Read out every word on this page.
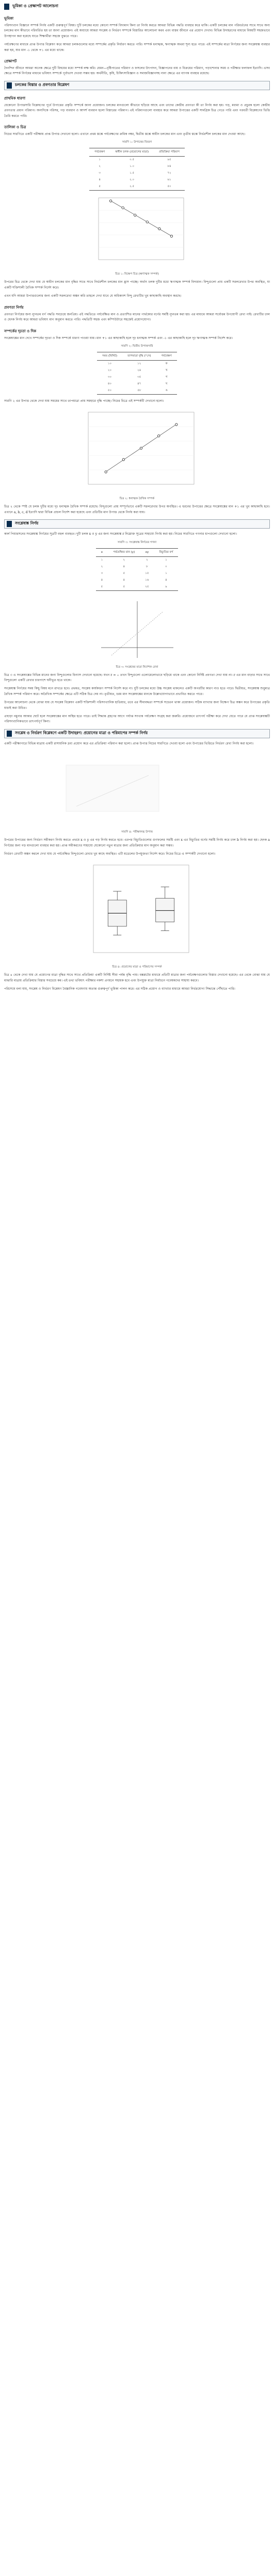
ভূমিকা ও প্রেক্ষাপট আলোচনা
ভূমিকা

পরিসংখ্যান বিজ্ঞানে সম্পর্ক নির্ণয় একটি গুরুত্বপূর্ণ বিষয়। দুটি চলকের মধ্যে কোনো সম্পর্ক বিদ্যমান কিনা তা নির্ণয় করতে আমরা বিভিন্ন পদ্ধতি ব্যবহার করে থাকি। একটি চলকের মান পরিবর্তনের সাথে সাথে অন্য চলকের মান কীভাবে পরিবর্তিত হয় তা জানা প্রয়োজন। এই অধ্যায়ে আমরা সংশ্লেষ ও নির্ভরণ সম্পর্কে বিস্তারিত আলোচনা করব এবং বাস্তব জীবনে এর প্রয়োগ দেখাব। বিভিন্ন উদাহরণের মাধ্যমে বিষয়টি সহজভাবে উপস্থাপন করা হয়েছে যাতে শিক্ষার্থীরা সহজে বুঝতে পারে।

পর্যবেক্ষণের মাধ্যমে প্রাপ্ত উপাত্ত বিশ্লেষণ করে আমরা চলকগুলোর মধ্যে সম্পর্কের প্রকৃতি নির্ধারণ করতে পারি। সম্পর্ক ধনাত্মক, ঋণাত্মক অথবা শূন্য হতে পারে। এই সম্পর্কের মাত্রা নির্ণয়ের জন্য সংশ্লেষাঙ্ক ব্যবহার করা হয়, যার মান -১ থেকে +১ এর মধ্যে থাকে।

প্রেক্ষাপট

দৈনন্দিন জীবনে আমরা অনেক ক্ষেত্রে দুটি বিষয়ের মধ্যে সম্পর্ক লক্ষ করি। যেমন—বৃষ্টিপাতের পরিমাণ ও ফসলের উৎপাদন, বিজ্ঞাপনের ব্যয় ও বিক্রয়ের পরিমাণ, পড়াশোনার সময় ও পরীক্ষার ফলাফল ইত্যাদি। এসব ক্ষেত্রে সম্পর্ক নির্ণয়ের মাধ্যমে ভবিষ্যৎ সম্পর্কে পূর্বাভাস দেওয়া সম্ভব হয়। অর্থনীতি, কৃষি, চিকিৎসাবিজ্ঞান ও সমাজবিজ্ঞানসহ নানা ক্ষেত্রে এর ব্যাপক ব্যবহার রয়েছে।

চলকের বিস্তার ও প্রবণতার বিশ্লেষণ
প্রাথমিক ধারণা

যেকোনো উপাত্তসারি বিশ্লেষণের পূর্বে উপাত্তের প্রকৃতি সম্পর্কে জানা প্রয়োজন। চলকের মানগুলো কীভাবে ছড়িয়ে আছে এবং তাদের কেন্দ্রীয় প্রবণতা কী তা নির্ণয় করা হয়। গড়, মধ্যমা ও প্রচুরক হলো কেন্দ্রীয় প্রবণতার প্রধান পরিমাপ। অন্যদিকে পরিসর, গড় ব্যবধান ও আদর্শ ব্যবধান হলো বিস্তারের পরিমাপ। এই পরিমাপগুলো ব্যবহার করে আমরা উপাত্তের একটি সামগ্রিক চিত্র পেতে পারি এবং পরবর্তী বিশ্লেষণের ভিত্তি তৈরি করতে পারি।

তালিকা ও চিত্র

নিচের সারণিতে একটি পরীক্ষায় প্রাপ্ত উপাত্ত দেখানো হলো। এখানে প্রথম স্তম্ভে পর্যবেক্ষণের ক্রমিক নম্বর, দ্বিতীয় স্তম্ভে স্বাধীন চলকের মান এবং তৃতীয় স্তম্ভে নির্ভরশীল চলকের মান দেওয়া আছে।

সারণি ১: উপাত্তের বিবরণ
পর্যবেক্ষণ	স্বাধীন চলক (প্রয়োগের মাত্রা)	প্রতিক্রিয়া পরিমাপ
১	০.৫	৯৫
২	১.০	৮৪
৩	১.৫	৭২
৪	২.০	৬১
৫	২.৫	৫০
চিত্র ১: বিক্ষেপ চিত্র (ঋণাত্মক সম্পর্ক)

উপরের চিত্র থেকে দেখা যায় যে স্বাধীন চলকের মান বৃদ্ধির সাথে সাথে নির্ভরশীল চলকের মান হ্রাস পাচ্ছে। অর্থাৎ চলক দুটির মধ্যে ঋণাত্মক সম্পর্ক বিদ্যমান। বিন্দুগুলো প্রায় একটি সরলরেখার উপর অবস্থিত, যা একটি শক্তিশালী রৈখিক সম্পর্ক নির্দেশ করে।

এখন যদি আমরা উপাত্তগুলোর জন্য একটি সরলরেখা অঙ্কন করি তাহলে দেখা যাবে যে অধিকাংশ বিন্দু রেখাটির খুব কাছাকাছি অবস্থান করছে।

প্রবণতা নির্ণয়

প্রবণতা নির্ণয়ের জন্য ন্যূনতম বর্গ পদ্ধতি সবচেয়ে জনপ্রিয়। এই পদ্ধতিতে পর্যবেক্ষিত মান ও প্রত্যাশিত মানের পার্থক্যের বর্গের সমষ্টি ন্যূনতম করা হয়। এর মাধ্যমে আমরা সর্বোত্তম উপযোগী রেখা পাই। রেখাটির ঢাল ও ছেদক নির্ণয় করে আমরা ভবিষ্যৎ মান অনুমান করতে পারি। পদ্ধতিটি সহজ এবং কম্পিউটারে সহজেই প্রয়োগযোগ্য।

সম্পর্কের দৃঢ়তা ও দিক

সংশ্লেষাঙ্কের মান দেখে সম্পর্কের দৃঢ়তা ও দিক সম্পর্কে ধারণা পাওয়া যায়। মান +১ এর কাছাকাছি হলে দৃঢ় ধনাত্মক সম্পর্ক এবং -১ এর কাছাকাছি হলে দৃঢ় ঋণাত্মক সম্পর্ক নির্দেশ করে।

সারণি ২: দ্বিতীয় উপাত্তসারি
সময় (মিনিট)	তাপমাত্রা বৃদ্ধি (°সে)	পর্যবেক্ষণ
১০	১২	ক
২০	২৪	খ
৩০	৩৫	গ
৪০	৪৭	ঘ
৫০	৫৮	ঙ

সারণি ২ এর উপাত্ত থেকে দেখা যায় সময়ের সাথে তাপমাত্রা প্রায় সমহারে বৃদ্ধি পাচ্ছে। নিচের চিত্রে এই সম্পর্কটি দেখানো হলো।

চিত্র ২: ধনাত্মক রৈখিক সম্পর্ক

চিত্র ২ থেকে স্পষ্ট যে চলক দুটির মধ্যে দৃঢ় ধনাত্মক রৈখিক সম্পর্ক রয়েছে। বিন্দুগুলো প্রায় সম্পূর্ণভাবে একটি সরলরেখার উপর অবস্থিত। এ ধরনের উপাত্তের ক্ষেত্রে সংশ্লেষাঙ্কের মান +১ এর খুব কাছাকাছি হবে। এখানে a, b, c, d ইত্যাদি দ্বারা বিভিন্ন প্রাচল নির্দেশ করা হয়েছে এবং প্রতিটির মান উপাত্ত থেকে নির্ণয় করা যায়।

সংশ্লেষাঙ্ক নির্ণয়

কার্ল পিয়ারসনের সংশ্লেষাঙ্ক নির্ণয়ের সূত্রটি বহুল ব্যবহৃত। দুটি চলক x ও y এর জন্য সংশ্লেষাঙ্ক r নিম্নোক্ত সূত্রের সাহায্যে নির্ণয় করা হয়। নিচের সারণিতে গণনার ধাপগুলো দেখানো হলো।

সারণি ৩: সংশ্লেষাঙ্ক নির্ণয়ের গণনা
x	পর্যবেক্ষিত মান (y)	xy	বিচ্যুতির বর্গ
১	২	২	১
২	৪	৮	০
৩	৫	১৫	১
৪	৪	১৬	৪
৫	৫	২৫	৯
চিত্র ৩: সংশ্লেষের মাত্রা নির্দেশক রেখা

চিত্র ৩ এ সংশ্লেষাঙ্কের বিভিন্ন মানের জন্য বিন্দুগুলোর বিন্যাস দেখানো হয়েছে। যখন r = ০ তখন বিন্দুগুলো এলোমেলোভাবে ছড়িয়ে থাকে এবং কোনো নির্দিষ্ট প্রবণতা দেখা যায় না। r এর মান বাড়ার সাথে সাথে বিন্দুগুলো একটি রেখার চারপাশে ঘনীভূত হতে থাকে।

সংশ্লেষাঙ্ক নির্ণয়ের সময় কিছু বিষয় মনে রাখতে হবে। প্রথমত, সংশ্লেষ কার্যকারণ সম্পর্ক নির্দেশ করে না। দুটি চলকের মধ্যে উচ্চ সংশ্লেষ থাকলেও একটি অপরটির কারণ নাও হতে পারে। দ্বিতীয়ত, সংশ্লেষাঙ্ক শুধুমাত্র রৈখিক সম্পর্ক পরিমাপ করে। অরৈখিক সম্পর্কের ক্ষেত্রে এটি সঠিক চিত্র দেয় না। তৃতীয়ত, চরম মান সংশ্লেষাঙ্কের মানকে উল্লেখযোগ্যভাবে প্রভাবিত করতে পারে।

উপরের আলোচনা থেকে বোঝা যায় যে সংশ্লেষ বিশ্লেষণ একটি শক্তিশালী পরিসংখ্যানিক হাতিয়ার, তবে এর সীমাবদ্ধতা সম্পর্কে সচেতন থাকা প্রয়োজন। সঠিক ব্যাখ্যার জন্য বিক্ষেপ চিত্র অঙ্কন করে উপাত্তের প্রকৃতি যাচাই করা উচিত।

এছাড়া নমুনার আকার ছোট হলে সংশ্লেষাঙ্কের মান অস্থির হতে পারে। তাই সিদ্ধান্ত গ্রহণের আগে পর্যাপ্ত সংখ্যক পর্যবেক্ষণ সংগ্রহ করা জরুরি। প্রয়োজনে তাৎপর্য পরীক্ষা করে দেখা যেতে পারে যে প্রাপ্ত সংশ্লেষাঙ্কটি পরিসংখ্যানিকভাবে তাৎপর্যপূর্ণ কিনা।

সংশ্লেষ ও নির্ভরণ বিশ্লেষণে একটি উদাহরণ: প্রয়োগের মাত্রা ও পরিমাপের সম্পর্ক নির্ণয়

একটি পরীক্ষাগারে বিভিন্ন মাত্রায় একটি রাসায়নিক দ্রব্য প্রয়োগ করে এর প্রতিক্রিয়া পরিমাপ করা হলো। প্রাপ্ত উপাত্ত নিচের সারণিতে দেওয়া হলো এবং উপাত্তের ভিত্তিতে নির্ভরণ রেখা নির্ণয় করা হলো।

সারণি ৪: পরীক্ষালব্ধ উপাত্ত

উপরের উপাত্তের জন্য নির্ভরণ সমীকরণ নির্ণয় করতে প্রথমে x ও y এর গড় নির্ণয় করতে হবে। এরপর বিচ্যুতিগুলোর গুণফলের সমষ্টি এবং x এর বিচ্যুতির বর্গের সমষ্টি নির্ণয় করে ঢাল b নির্ণয় করা হয়। ছেদক a নির্ণয়ের জন্য গড় মানগুলো ব্যবহার করা হয়। প্রাপ্ত সমীকরণের সাহায্যে যেকোনো নতুন মাত্রার জন্য প্রতিক্রিয়ার মান অনুমান করা সম্ভব।

নির্ভরণ রেখাটি অঙ্কন করলে দেখা যায় যে পর্যবেক্ষিত বিন্দুগুলো রেখার খুব কাছে অবস্থিত। এটি মডেলের উপযুক্ততা নির্দেশ করে। নিচের চিত্রে এ সম্পর্কটি দেখানো হলো।

চিত্র ৪: প্রয়োগের মাত্রা ও পরিমাপের সম্পর্ক

চিত্র ৪ থেকে দেখা যায় যে প্রয়োগের মাত্রা বৃদ্ধির সাথে সাথে প্রতিক্রিয়া একটি নির্দিষ্ট সীমা পর্যন্ত বৃদ্ধি পায়। বক্সপ্লটের মাধ্যমে প্রতিটি মাত্রার জন্য পর্যবেক্ষণগুলোর বিস্তার দেখানো হয়েছে। এর থেকে বোঝা যায় যে মাঝারি মাত্রায় প্রতিক্রিয়ার বিস্তার সবচেয়ে কম। এই তথ্য ভবিষ্যৎ পরীক্ষার নকশা প্রণয়নে সহায়ক হবে এবং উপযুক্ত মাত্রা নির্বাচনে গবেষকদের সাহায্য করবে।

পরিশেষে বলা যায়, সংশ্লেষ ও নির্ভরণ বিশ্লেষণ বৈজ্ঞানিক গবেষণায় অত্যন্ত গুরুত্বপূর্ণ ভূমিকা পালন করে। এর সঠিক প্রয়োগ ও ব্যাখ্যার মাধ্যমে আমরা নির্ভরযোগ্য সিদ্ধান্তে পৌঁছাতে পারি।
